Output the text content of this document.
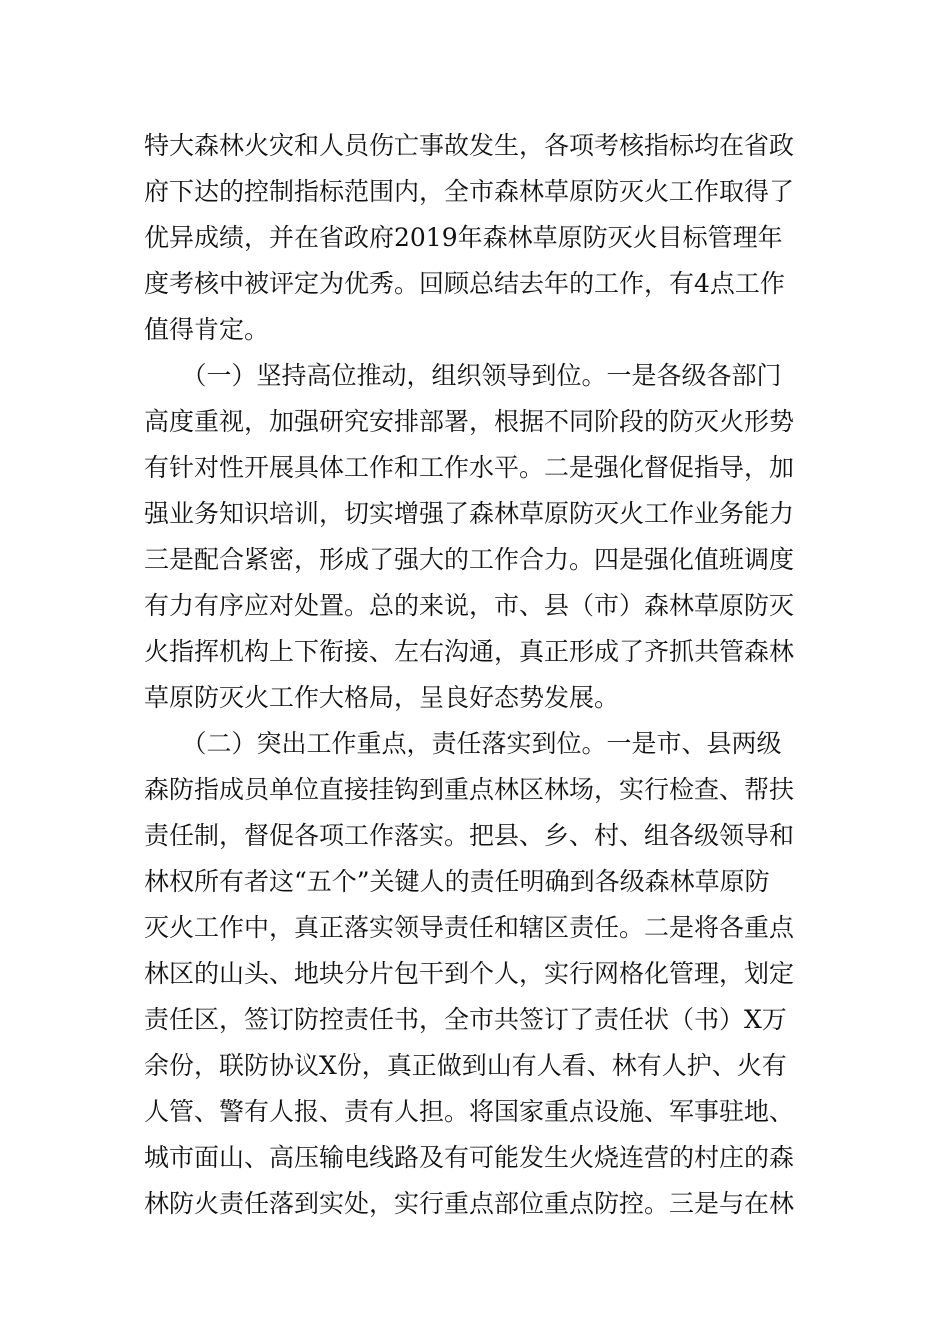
特大森林火灾和人员伤亡事故发生，各项考核指标均在省政

府下达的控制指标范围内，全市森林草原防灭火工作取得了

优异成绩，并在省政府2019年森林草原防灭火目标管理年

度考核中被评定为优秀。回顾总结去年的工作，有4点工作

值得肯定。

　　（一）坚持高位推动，组织领导到位。一是各级各部门

高度重视，加强研究安排部署，根据不同阶段的防灭火形势

有针对性开展具体工作和工作水平。二是强化督促指导，加

强业务知识培训，切实增强了森林草原防灭火工作业务能力

三是配合紧密，形成了强大的工作合力。四是强化值班调度

有力有序应对处置。总的来说，市、县（市）森林草原防灭

火指挥机构上下衔接、左右沟通，真正形成了齐抓共管森林

草原防灭火工作大格局，呈良好态势发展。

　　（二）突出工作重点，责任落实到位。一是市、县两级

森防指成员单位直接挂钩到重点林区林场，实行检查、帮扶

责任制，督促各项工作落实。把县、乡、村、组各级领导和

林权所有者这“五个”关键人的责任明确到各级森林草原防

灭火工作中，真正落实领导责任和辖区责任。二是将各重点

林区的山头、地块分片包干到个人，实行网格化管理，划定

责任区，签订防控责任书，全市共签订了责任状（书）X万

余份，联防协议X份，真正做到山有人看、林有人护、火有

人管、警有人报、责有人担。将国家重点设施、军事驻地、

城市面山、高压输电线路及有可能发生火烧连营的村庄的森

林防火责任落到实处，实行重点部位重点防控。三是与在林
